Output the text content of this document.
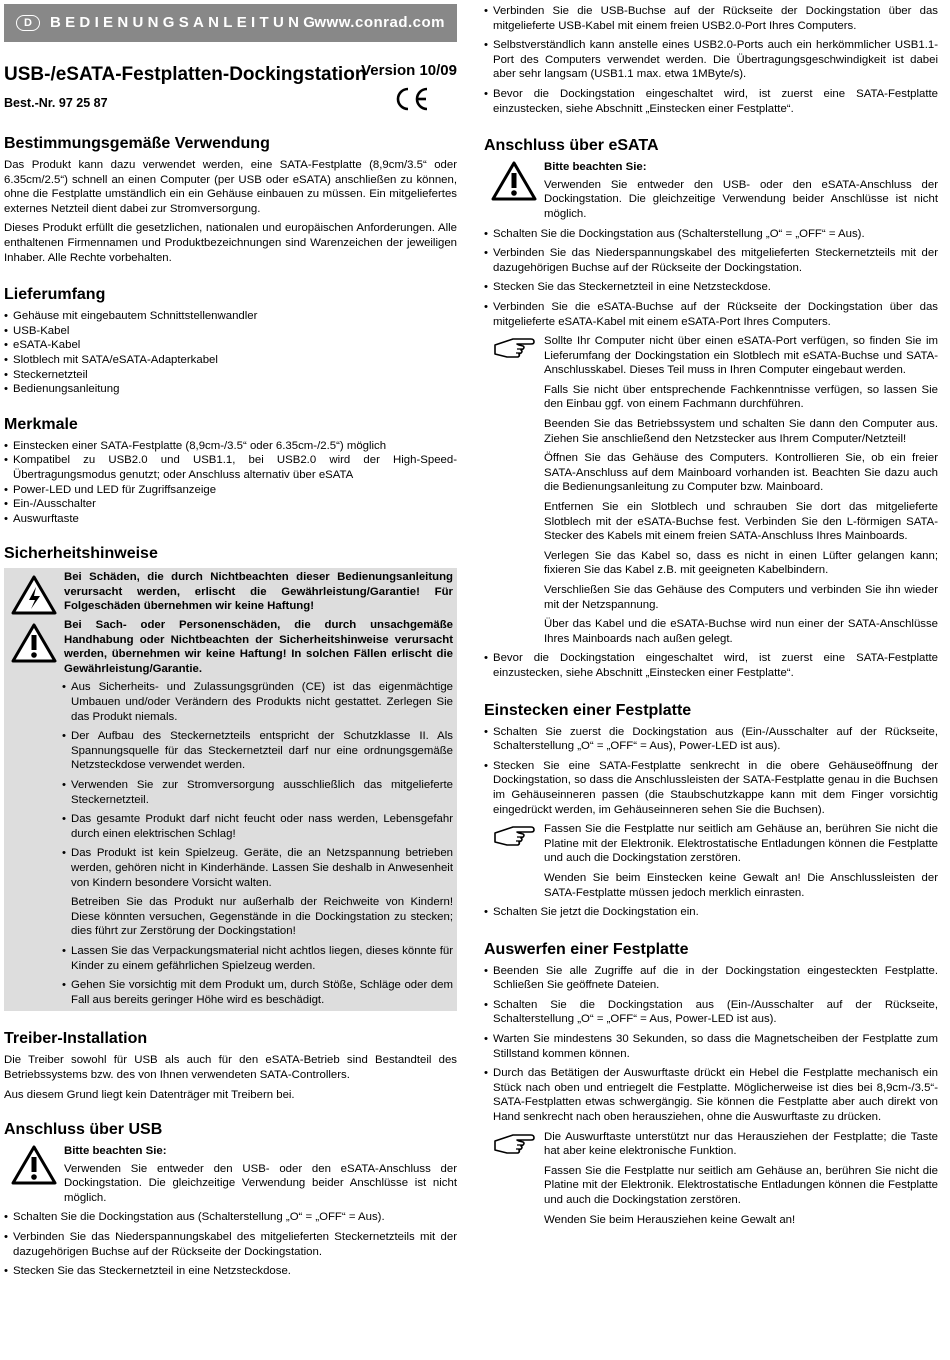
D	BEDIENUNGSANLEITUNG
www.conrad.com
USB-/eSATA-Festplatten-Dockingstation
Best.-Nr. 97 25 87
Version 10/09
Bestimmungsgemäße Verwendung

Das Produkt kann dazu verwendet werden, eine SATA-Festplatte (8,9cm/3.5“ oder 6.35cm/2.5“) schnell an einen Computer (per USB oder eSATA) anschließen zu können, ohne die Festplatte umständlich ein ein Gehäuse einbauen zu müssen. Ein mitgeliefertes externes Netzteil dient dabei zur Stromversorgung.

Dieses Produkt erfüllt die gesetzlichen, nationalen und europäischen Anforderungen. Alle enthaltenen Firmennamen und Produktbezeichnungen sind Warenzeichen der jeweiligen Inhaber. Alle Rechte vorbehalten.

Lieferumfang
• Gehäuse mit eingebautem Schnittstellenwandler
• USB-Kabel
• eSATA-Kabel
• Slotblech mit SATA/eSATA-Adapterkabel
• Steckernetzteil
• Bedienungsanleitung
Merkmale
• Einstecken einer SATA-Festplatte (8,9cm-/3.5“ oder 6.35cm-/2.5“) möglich
• Kompatibel zu USB2.0 und USB1.1, bei USB2.0 wird der High-Speed-Übertragungsmodus genutzt; oder Anschluss alternativ über eSATA
• Power-LED und LED für Zugriffsanzeige
• Ein-/Ausschalter
• Auswurftaste
Sicherheitshinweise
Bei Schäden, die durch Nichtbeachten dieser Bedienungsanleitung verursacht werden, erlischt die Gewährleistung/Garantie! Für Folgeschäden übernehmen wir keine Haftung!
Bei Sach- oder Personenschäden, die durch unsachgemäße Handhabung oder Nichtbeachten der Sicherheitshinweise verursacht werden, übernehmen wir keine Haftung! In solchen Fällen erlischt die Gewährleistung/Garantie.
• Aus Sicherheits- und Zulassungsgründen (CE) ist das eigenmächtige Umbauen und/oder Verändern des Produkts nicht gestattet. Zerlegen Sie das Produkt niemals.
• Der Aufbau des Steckernetzteils entspricht der Schutzklasse II. Als Spannungsquelle für das Steckernetzteil darf nur eine ordnungsgemäße Netzsteckdose verwendet werden.
• Verwenden Sie zur Stromversorgung ausschließlich das mitgelieferte Steckernetzteil.
• Das gesamte Produkt darf nicht feucht oder nass werden, Lebensgefahr durch einen elektrischen Schlag!
• Das Produkt ist kein Spielzeug. Geräte, die an Netzspannung betrieben werden, gehören nicht in Kinderhände. Lassen Sie deshalb in Anwesenheit von Kindern besondere Vorsicht walten.

Betreiben Sie das Produkt nur außerhalb der Reichweite von Kindern! Diese könnten versuchen, Gegenstände in die Dockingstation zu stecken; dies führt zur Zerstörung der Dockingstation!

• Lassen Sie das Verpackungsmaterial nicht achtlos liegen, dieses könnte für Kinder zu einem gefährlichen Spielzeug werden.
• Gehen Sie vorsichtig mit dem Produkt um, durch Stöße, Schläge oder dem Fall aus bereits geringer Höhe wird es beschädigt.
Treiber-Installation

Die Treiber sowohl für USB als auch für den eSATA-Betrieb sind Bestandteil des Betriebssystems bzw. des von Ihnen verwendeten SATA-Controllers.

Aus diesem Grund liegt kein Datenträger mit Treibern bei.

Anschluss über USB
Bitte beachten Sie:

Verwenden Sie entweder den USB- oder den eSATA-Anschluss der Dockingstation. Die gleichzeitige Verwendung beider Anschlüsse ist nicht möglich.

• Schalten Sie die Dockingstation aus (Schalterstellung „O“ = „OFF“ = Aus).
• Verbinden Sie das Niederspannungskabel des mitgelieferten Steckernetzteils mit der dazugehörigen Buchse auf der Rückseite der Dockingstation.
• Stecken Sie das Steckernetzteil in eine Netzsteckdose.
• Verbinden Sie die USB-Buchse auf der Rückseite der Dockingstation über das mitgelieferte USB-Kabel mit einem freien USB2.0-Port Ihres Computers.
• Selbstverständlich kann anstelle eines USB2.0-Ports auch ein herkömmlicher USB1.1-Port des Computers verwendet werden. Die Übertragungsgeschwindigkeit ist dabei aber sehr langsam (USB1.1 max. etwa 1MByte/s).
• Bevor die Dockingstation eingeschaltet wird, ist zuerst eine SATA-Festplatte einzustecken, siehe Abschnitt „Einstecken einer Festplatte“.
Anschluss über eSATA
Bitte beachten Sie:

Verwenden Sie entweder den USB- oder den eSATA-Anschluss der Dockingstation. Die gleichzeitige Verwendung beider Anschlüsse ist nicht möglich.

• Schalten Sie die Dockingstation aus (Schalterstellung „O“ = „OFF“ = Aus).
• Verbinden Sie das Niederspannungskabel des mitgelieferten Steckernetzteils mit der dazugehörigen Buchse auf der Rückseite der Dockingstation.
• Stecken Sie das Steckernetzteil in eine Netzsteckdose.
• Verbinden Sie die eSATA-Buchse auf der Rückseite der Dockingstation über das mitgelieferte eSATA-Kabel mit einem eSATA-Port Ihres Computers.

Sollte Ihr Computer nicht über einen eSATA-Port verfügen, so finden Sie im Lieferumfang der Dockingstation ein Slotblech mit eSATA-Buchse und SATA-Anschlusskabel. Dieses Teil muss in Ihren Computer eingebaut werden.

Falls Sie nicht über entsprechende Fachkenntnisse verfügen, so lassen Sie den Einbau ggf. von einem Fachmann durchführen.

Beenden Sie das Betriebssystem und schalten Sie dann den Computer aus. Ziehen Sie anschließend den Netzstecker aus Ihrem Computer/Netzteil!

Öffnen Sie das Gehäuse des Computers. Kontrollieren Sie, ob ein freier SATA-Anschluss auf dem Mainboard vorhanden ist. Beachten Sie dazu auch die Bedienungsanleitung zu Computer bzw. Mainboard.

Entfernen Sie ein Slotblech und schrauben Sie dort das mitgelieferte Slotblech mit der eSATA-Buchse fest. Verbinden Sie den L-förmigen SATA-Stecker des Kabels mit einem freien SATA-Anschluss Ihres Mainboards.

Verlegen Sie das Kabel so, dass es nicht in einen Lüfter gelangen kann; fixieren Sie das Kabel z.B. mit geeigneten Kabelbindern.

Verschließen Sie das Gehäuse des Computers und verbinden Sie ihn wieder mit der Netzspannung.

Über das Kabel und die eSATA-Buchse wird nun einer der SATA-Anschlüsse Ihres Mainboards nach außen gelegt.

• Bevor die Dockingstation eingeschaltet wird, ist zuerst eine SATA-Festplatte einzustecken, siehe Abschnitt „Einstecken einer Festplatte“.
Einstecken einer Festplatte
• Schalten Sie zuerst die Dockingstation aus (Ein-/Ausschalter auf der Rückseite, Schalterstellung „O“ = „OFF“ = Aus), Power-LED ist aus).
• Stecken Sie eine SATA-Festplatte senkrecht in die obere Gehäuseöffnung der Dockingstation, so dass die Anschlussleisten der SATA-Festplatte genau in die Buchsen im Gehäuseinneren passen (die Staubschutzkappe kann mit dem Finger vorsichtig eingedrückt werden, im Gehäuseinneren sehen Sie die Buchsen).

Fassen Sie die Festplatte nur seitlich am Gehäuse an, berühren Sie nicht die Platine mit der Elektronik. Elektrostatische Entladungen können die Festplatte und auch die Dockingstation zerstören.

Wenden Sie beim Einstecken keine Gewalt an! Die Anschlussleisten der SATA-Festplatte müssen jedoch merklich einrasten.

• Schalten Sie jetzt die Dockingstation ein.
Auswerfen einer Festplatte
• Beenden Sie alle Zugriffe auf die in der Dockingstation eingesteckten Festplatte. Schließen Sie geöffnete Dateien.
• Schalten Sie die Dockingstation aus (Ein-/Ausschalter auf der Rückseite, Schalterstellung „O“ = „OFF“ = Aus, Power-LED ist aus).
• Warten Sie mindestens 30 Sekunden, so dass die Magnetscheiben der Festplatte zum Stillstand kommen können.
• Durch das Betätigen der Auswurftaste drückt ein Hebel die Festplatte mechanisch ein Stück nach oben und entriegelt die Festplatte. Möglicherweise ist dies bei 8,9cm-/3.5“-SATA-Festplatten etwas schwergängig. Sie können die Festplatte aber auch direkt von Hand senkrecht nach oben herausziehen, ohne die Auswurftaste zu drücken.

Die Auswurftaste unterstützt nur das Herausziehen der Festplatte; die Taste hat aber keine elektronische Funktion.

Fassen Sie die Festplatte nur seitlich am Gehäuse an, berühren Sie nicht die Platine mit der Elektronik. Elektrostatische Entladungen können die Festplatte und auch die Dockingstation zerstören.

Wenden Sie beim Herausziehen keine Gewalt an!
